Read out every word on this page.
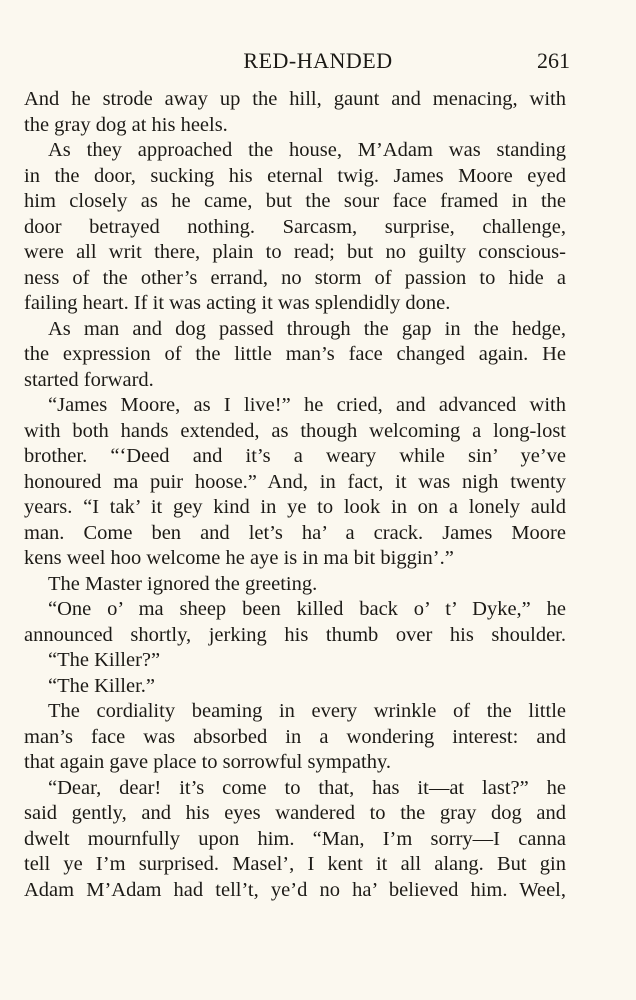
RED-HANDED	261
And he strode away up the hill, gaunt and menacing, with
the gray dog at his heels.
As they approached the house, M’Adam was standing
in the door, sucking his eternal twig. James Moore eyed
him closely as he came, but the sour face framed in the
door betrayed nothing. Sarcasm, surprise, challenge,
were all writ there, plain to read; but no guilty conscious-
ness of the other’s errand, no storm of passion to hide a
failing heart. If it was acting it was splendidly done.
As man and dog passed through the gap in the hedge,
the expression of the little man’s face changed again. He
started forward.
“James Moore, as I live!” he cried, and advanced with
with both hands extended, as though welcoming a long-lost
brother. “‘Deed and it’s a weary while sin’ ye’ve
honoured ma puir hoose.” And, in fact, it was nigh twenty
years. “I tak’ it gey kind in ye to look in on a lonely auld
man. Come ben and let’s ha’ a crack. James Moore
kens weel hoo welcome he aye is in ma bit biggin’.”
The Master ignored the greeting.
“One o’ ma sheep been killed back o’ t’ Dyke,” he
announced shortly, jerking his thumb over his shoulder.
“The Killer?”
“The Killer.”
The cordiality beaming in every wrinkle of the little
man’s face was absorbed in a wondering interest: and
that again gave place to sorrowful sympathy.
“Dear, dear! it’s come to that, has it—at last?” he
said gently, and his eyes wandered to the gray dog and
dwelt mournfully upon him. “Man, I’m sorry—I canna
tell ye I’m surprised. Masel’, I kent it all alang. But gin
Adam M’Adam had tell’t, ye’d no ha’ believed him. Weel,
